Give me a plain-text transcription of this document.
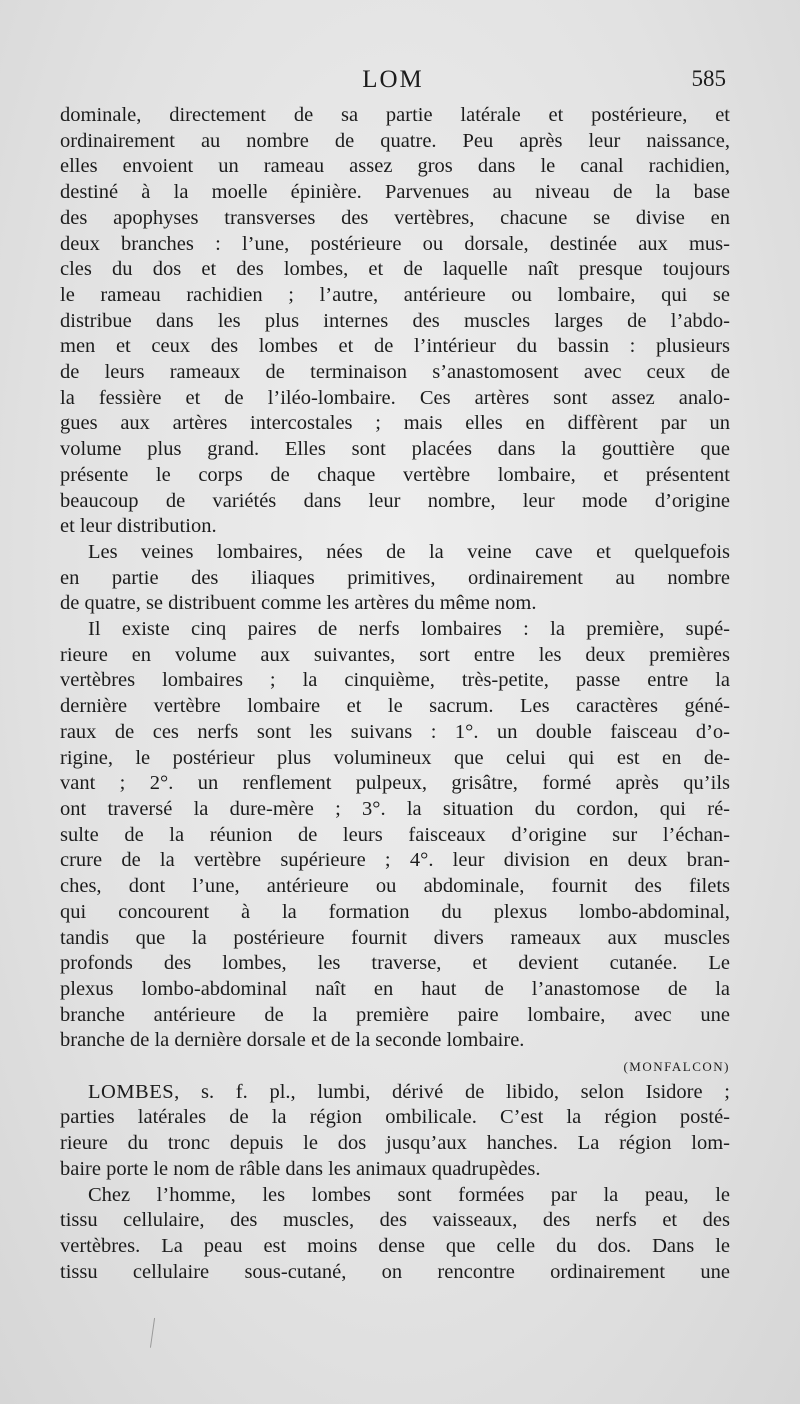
LOM	585
dominale, directement de sa partie latérale et postérieure, et
ordinairement au nombre de quatre. Peu après leur naissance,
elles envoient un rameau assez gros dans le canal rachidien,
destiné à la moelle épinière. Parvenues au niveau de la base
des apophyses transverses des vertèbres, chacune se divise en
deux branches : l’une, postérieure ou dorsale, destinée aux mus-
cles du dos et des lombes, et de laquelle naît presque toujours
le rameau rachidien ; l’autre, antérieure ou lombaire, qui se
distribue dans les plus internes des muscles larges de l’abdo-
men et ceux des lombes et de l’intérieur du bassin : plusieurs
de leurs rameaux de terminaison s’anastomosent avec ceux de
la fessière et de l’iléo-lombaire. Ces artères sont assez analo-
gues aux artères intercostales ; mais elles en diffèrent par un
volume plus grand. Elles sont placées dans la gouttière que
présente le corps de chaque vertèbre lombaire, et présentent
beaucoup de variétés dans leur nombre, leur mode d’origine
et leur distribution.
Les veines lombaires, nées de la veine cave et quelquefois
en partie des iliaques primitives, ordinairement au nombre
de quatre, se distribuent comme les artères du même nom.
Il existe cinq paires de nerfs lombaires : la première, supé-
rieure en volume aux suivantes, sort entre les deux premières
vertèbres lombaires ; la cinquième, très-petite, passe entre la
dernière vertèbre lombaire et le sacrum. Les caractères géné-
raux de ces nerfs sont les suivans : 1°. un double faisceau d’o-
rigine, le postérieur plus volumineux que celui qui est en de-
vant ; 2°. un renflement pulpeux, grisâtre, formé après qu’ils
ont traversé la dure-mère ; 3°. la situation du cordon, qui ré-
sulte de la réunion de leurs faisceaux d’origine sur l’échan-
crure de la vertèbre supérieure ; 4°. leur division en deux bran-
ches, dont l’une, antérieure ou abdominale, fournit des filets
qui concourent à la formation du plexus lombo-abdominal,
tandis que la postérieure fournit divers rameaux aux muscles
profonds des lombes, les traverse, et devient cutanée. Le
plexus lombo-abdominal naît en haut de l’anastomose de la
branche antérieure de la première paire lombaire, avec une
branche de la dernière dorsale et de la seconde lombaire.
(MONFALCON)
LOMBES, s. f. pl., lumbi, dérivé de libido, selon Isidore ;
parties latérales de la région ombilicale. C’est la région posté-
rieure du tronc depuis le dos jusqu’aux hanches. La région lom-
baire porte le nom de râble dans les animaux quadrupèdes.
Chez l’homme, les lombes sont formées par la peau, le
tissu cellulaire, des muscles, des vaisseaux, des nerfs et des
vertèbres. La peau est moins dense que celle du dos. Dans le
tissu cellulaire sous-cutané, on rencontre ordinairement une
